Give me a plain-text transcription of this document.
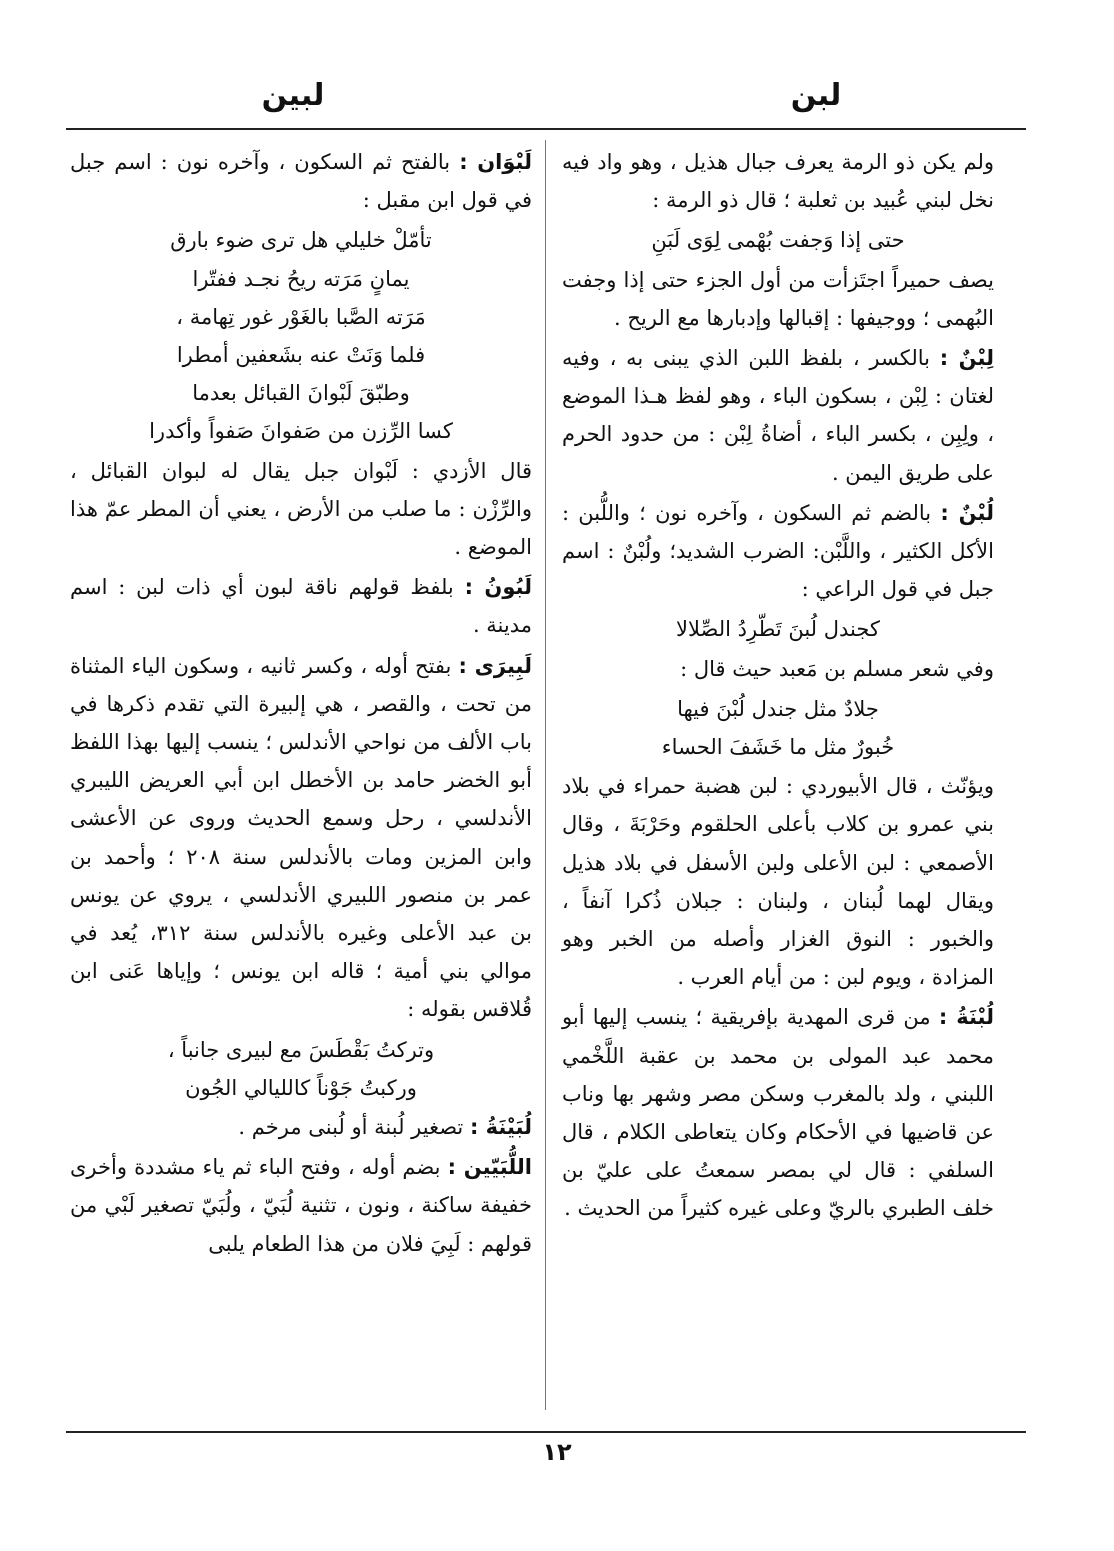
لبن
لبين

ولم يكن ذو الرمة يعرف جبال هذيل ، وهو واد فيه نخل لبني عُبيد بن ثعلبة ؛ قال ذو الرمة :

حتى إذا وَجفت بُهْمى لِوَى لَبَنِ

يصف حميراً اجتَزأت من أول الجزء حتى إذا وجفت البُهمى ؛ ووجيفها : إقبالها وإدبارها مع الريح .

لِبْنٌ : بالكسر ، بلفظ اللبن الذي يبنى به ، وفيه لغتان : لِبْن ، بسكون الباء ، وهو لفظ هـذا الموضع ، ولِبِن ، بكسر الباء ، أضاةُ لِبْن : من حدود الحرم على طريق اليمن .

لُبْنٌ : بالضم ثم السكون ، وآخره نون ؛ واللُّبن : الأكل الكثير ، واللَّبْن: الضرب الشديد؛ ولُبْنٌ : اسم جبل في قول الراعي :

كجندل لُبنَ تَطّرِدُ الصِّلالا

وفي شعر مسلم بن مَعبد حيث قال :

جلادٌ مثل جندل لُبْنَ فيها
خُبورٌ مثل ما خَشَفَ الحساء

ويؤنّث ، قال الأبيوردي : لبن هضبة حمراء في بلاد بني عمرو بن كلاب بأعلى الحلقوم وحَرْبَةَ ، وقال الأصمعي : لبن الأعلى ولبن الأسفل في بلاد هذيل ويقال لهما لُبنان ، ولبنان : جبلان ذُكرا آنفاً ، والخبور : النوق الغزار وأصله من الخبر وهو المزادة ، ويوم لبن : من أيام العرب .

لُبْنَةُ : من قرى المهدية بإفريقية ؛ ينسب إليها أبو محمد عبد المولى بن محمد بن عقبة اللَّخْمي اللبني ، ولد بالمغرب وسكن مصر وشهر بها وناب عن قاضيها في الأحكام وكان يتعاطى الكلام ، قال السلفي : قال لي بمصر سمعتُ على عليّ بن خلف الطبري بالريّ وعلى غيره كثيراً من الحديث .

لَبْوَان : بالفتح ثم السكون ، وآخره نون : اسم جبل في قول ابن مقبل :

تأمّلْ خليلي هل ترى ضوء بارق
يمانٍ مَرَته ريحُ نجـد ففتّرا
مَرَته الصَّبا بالغَوْر غور تِهامة ،
فلما وَنَتْ عنه بشَعفين أمطرا
وطبّقَ لَبْوانَ القبائل بعدما
كسا الرِّزن من صَفوانَ صَفواً وأكدرا

قال الأزدي : لَبْوان جبل يقال له لبوان القبائل ، والرِّزْن : ما صلب من الأرض ، يعني أن المطر عمّ هذا الموضع .

لَبُونُ : بلفظ قولهم ناقة لبون أي ذات لبن : اسم مدينة .

لَبِيرَى : بفتح أوله ، وكسر ثانيه ، وسكون الياء المثناة من تحت ، والقصر ، هي إلبيرة التي تقدم ذكرها في باب الألف من نواحي الأندلس ؛ ينسب إليها بهذا اللفظ أبو الخضر حامد بن الأخطل ابن أبي العريض الليبري الأندلسي ، رحل وسمع الحديث وروى عن الأعشى وابن المزين ومات بالأندلس سنة ٢٠٨ ؛ وأحمد بن عمر بن منصور اللبيري الأندلسي ، يروي عن يونس بن عبد الأعلى وغيره بالأندلس سنة ٣١٢، يُعد في موالي بني أمية ؛ قاله ابن يونس ؛ وإياها عَنى ابن قُلاقس بقوله :

وتركتُ بَقْطَسَ مع لبيرى جانباً ،
وركبتُ جَوْناً كالليالي الجُون

لُبَيْنَةُ : تصغير لُبنة أو لُبنى مرخم .

اللُّبَيّين : بضم أوله ، وفتح الباء ثم ياء مشددة وأخرى خفيفة ساكنة ، ونون ، تثنية لُبَيّ ، ولُبَيّ تصغير لَبْي من قولهم : لَبِيَ فلان من هذا الطعام يلبى

١٢
